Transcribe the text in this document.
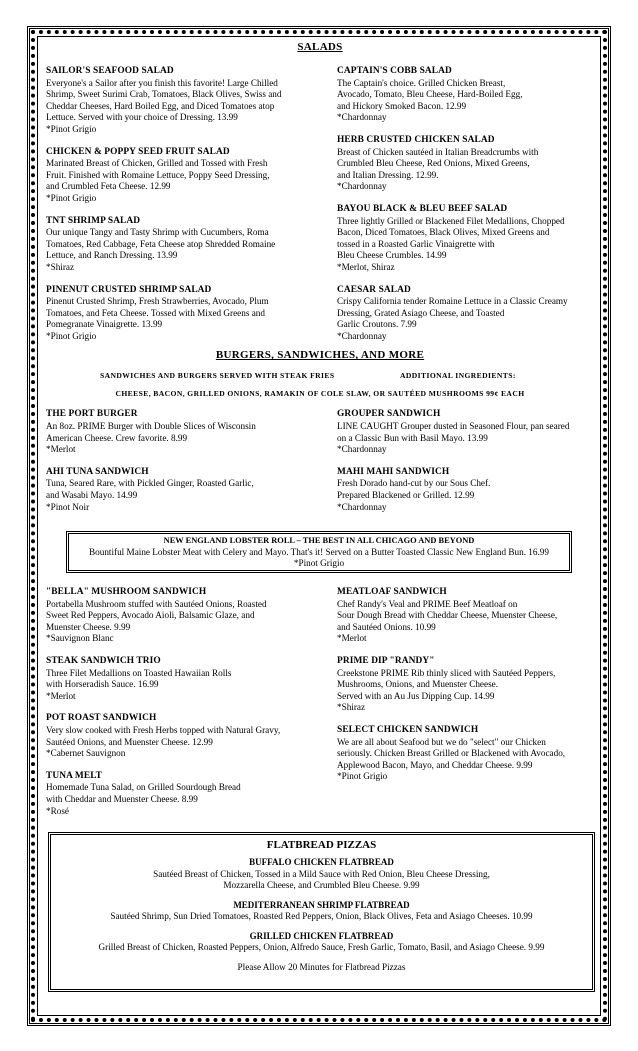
SALADS
SAILOR'S SEAFOOD SALAD
Everyone's a Sailor after you finish this favorite! Large Chilled
Shrimp, Sweet Surimi Crab, Tomatoes, Black Olives, Swiss and
Cheddar Cheeses, Hard Boiled Egg, and Diced Tomatoes atop
Lettuce. Served with your choice of Dressing. 13.99
*Pinot Grigio
CHICKEN & POPPY SEED FRUIT SALAD
Marinated Breast of Chicken, Grilled and Tossed with Fresh
Fruit. Finished with Romaine Lettuce, Poppy Seed Dressing,
and Crumbled Feta Cheese. 12.99
*Pinot Grigio
TNT SHRIMP SALAD
Our unique Tangy and Tasty Shrimp with Cucumbers, Roma
Tomatoes, Red Cabbage, Feta Cheese atop Shredded Romaine
Lettuce, and Ranch Dressing. 13.99
*Shiraz
PINENUT CRUSTED SHRIMP SALAD
Pinenut Crusted Shrimp, Fresh Strawberries, Avocado, Plum
Tomatoes, and Feta Cheese. Tossed with Mixed Greens and
Pomegranate Vinaigrette. 13.99
*Pinot Grigio
CAPTAIN'S COBB SALAD
The Captain's choice. Grilled Chicken Breast,
Avocado, Tomato, Bleu Cheese, Hard-Boiled Egg,
and Hickory Smoked Bacon. 12.99
*Chardonnay
HERB CRUSTED CHICKEN SALAD
Breast of Chicken sautéed in Italian Breadcrumbs with
Crumbled Bleu Cheese, Red Onions, Mixed Greens,
and Italian Dressing. 12.99.
*Chardonnay
BAYOU BLACK & BLEU BEEF SALAD
Three lightly Grilled or Blackened Filet Medallions, Chopped
Bacon, Diced Tomatoes, Black Olives, Mixed Greens and
tossed in a Roasted Garlic Vinaigrette with
Bleu Cheese Crumbles. 14.99
*Merlot, Shiraz
CAESAR SALAD
Crispy California tender Romaine Lettuce in a Classic Creamy
Dressing, Grated Asiago Cheese, and Toasted
Garlic Croutons. 7.99
*Chardonnay
BURGERS, SANDWICHES, AND MORE
SANDWICHES AND BURGERS SERVED WITH STEAK FRIES	ADDITIONAL INGREDIENTS:
CHEESE, BACON, GRILLED ONIONS, RAMAKIN OF COLE SLAW, OR SAUTÉED MUSHROOMS 99¢ EACH
THE PORT BURGER
An 8oz. PRIME Burger with Double Slices of Wisconsin
American Cheese. Crew favorite. 8.99
*Merlot
AHI TUNA SANDWICH
Tuna, Seared Rare, with Pickled Ginger, Roasted Garlic,
and Wasabi Mayo. 14.99
*Pinot Noir
GROUPER SANDWICH
LINE CAUGHT Grouper dusted in Seasoned Flour, pan seared
on a Classic Bun with Basil Mayo. 13.99
*Chardonnay
MAHI MAHI SANDWICH
Fresh Dorado hand-cut by our Sous Chef.
Prepared Blackened or Grilled. 12.99
*Chardonnay
NEW ENGLAND LOBSTER ROLL – THE BEST IN ALL CHICAGO AND BEYOND
Bountiful Maine Lobster Meat with Celery and Mayo. That's it! Served on a Butter Toasted Classic New England Bun. 16.99
*Pinot Grigio
"BELLA" MUSHROOM SANDWICH
Portabella Mushroom stuffed with Sautéed Onions, Roasted
Sweet Red Peppers, Avocado Aioli, Balsamic Glaze, and
Muenster Cheese. 9.99
*Sauvignon Blanc
STEAK SANDWICH TRIO
Three Filet Medallions on Toasted Hawaiian Rolls
with Horseradish Sauce. 16.99
*Merlot
POT ROAST SANDWICH
Very slow cooked with Fresh Herbs topped with Natural Gravy,
Sautéed Onions, and Muenster Cheese. 12.99
*Cabernet Sauvignon
TUNA MELT
Homemade Tuna Salad, on Grilled Sourdough Bread
with Cheddar and Muenster Cheese. 8.99
*Rosé
MEATLOAF SANDWICH
Chef Randy's Veal and PRIME Beef Meatloaf on
Sour Dough Bread with Cheddar Cheese, Muenster Cheese,
and Sautéed Onions. 10.99
*Merlot
PRIME DIP "RANDY"
Creekstone PRIME Rib thinly sliced with Sautéed Peppers,
Mushrooms, Onions, and Muenster Cheese.
Served with an Au Jus Dipping Cup. 14.99
*Shiraz
SELECT CHICKEN SANDWICH
We are all about Seafood but we do "select" our Chicken
seriously. Chicken Breast Grilled or Blackened with Avocado,
Applewood Bacon, Mayo, and Cheddar Cheese. 9.99
*Pinot Grigio
FLATBREAD PIZZAS
BUFFALO CHICKEN FLATBREAD
Sautéed Breast of Chicken, Tossed in a Mild Sauce with Red Onion, Bleu Cheese Dressing,
Mozzarella Cheese, and Crumbled Bleu Cheese. 9.99
MEDITERRANEAN SHRIMP FLATBREAD
Sautéed Shrimp, Sun Dried Tomatoes, Roasted Red Peppers, Onion, Black Olives, Feta and Asiago Cheeses. 10.99
GRILLED CHICKEN FLATBREAD
Grilled Breast of Chicken, Roasted Peppers, Onion, Alfredo Sauce, Fresh Garlic, Tomato, Basil, and Asiago Cheese. 9.99
Please Allow 20 Minutes for Flatbread Pizzas
